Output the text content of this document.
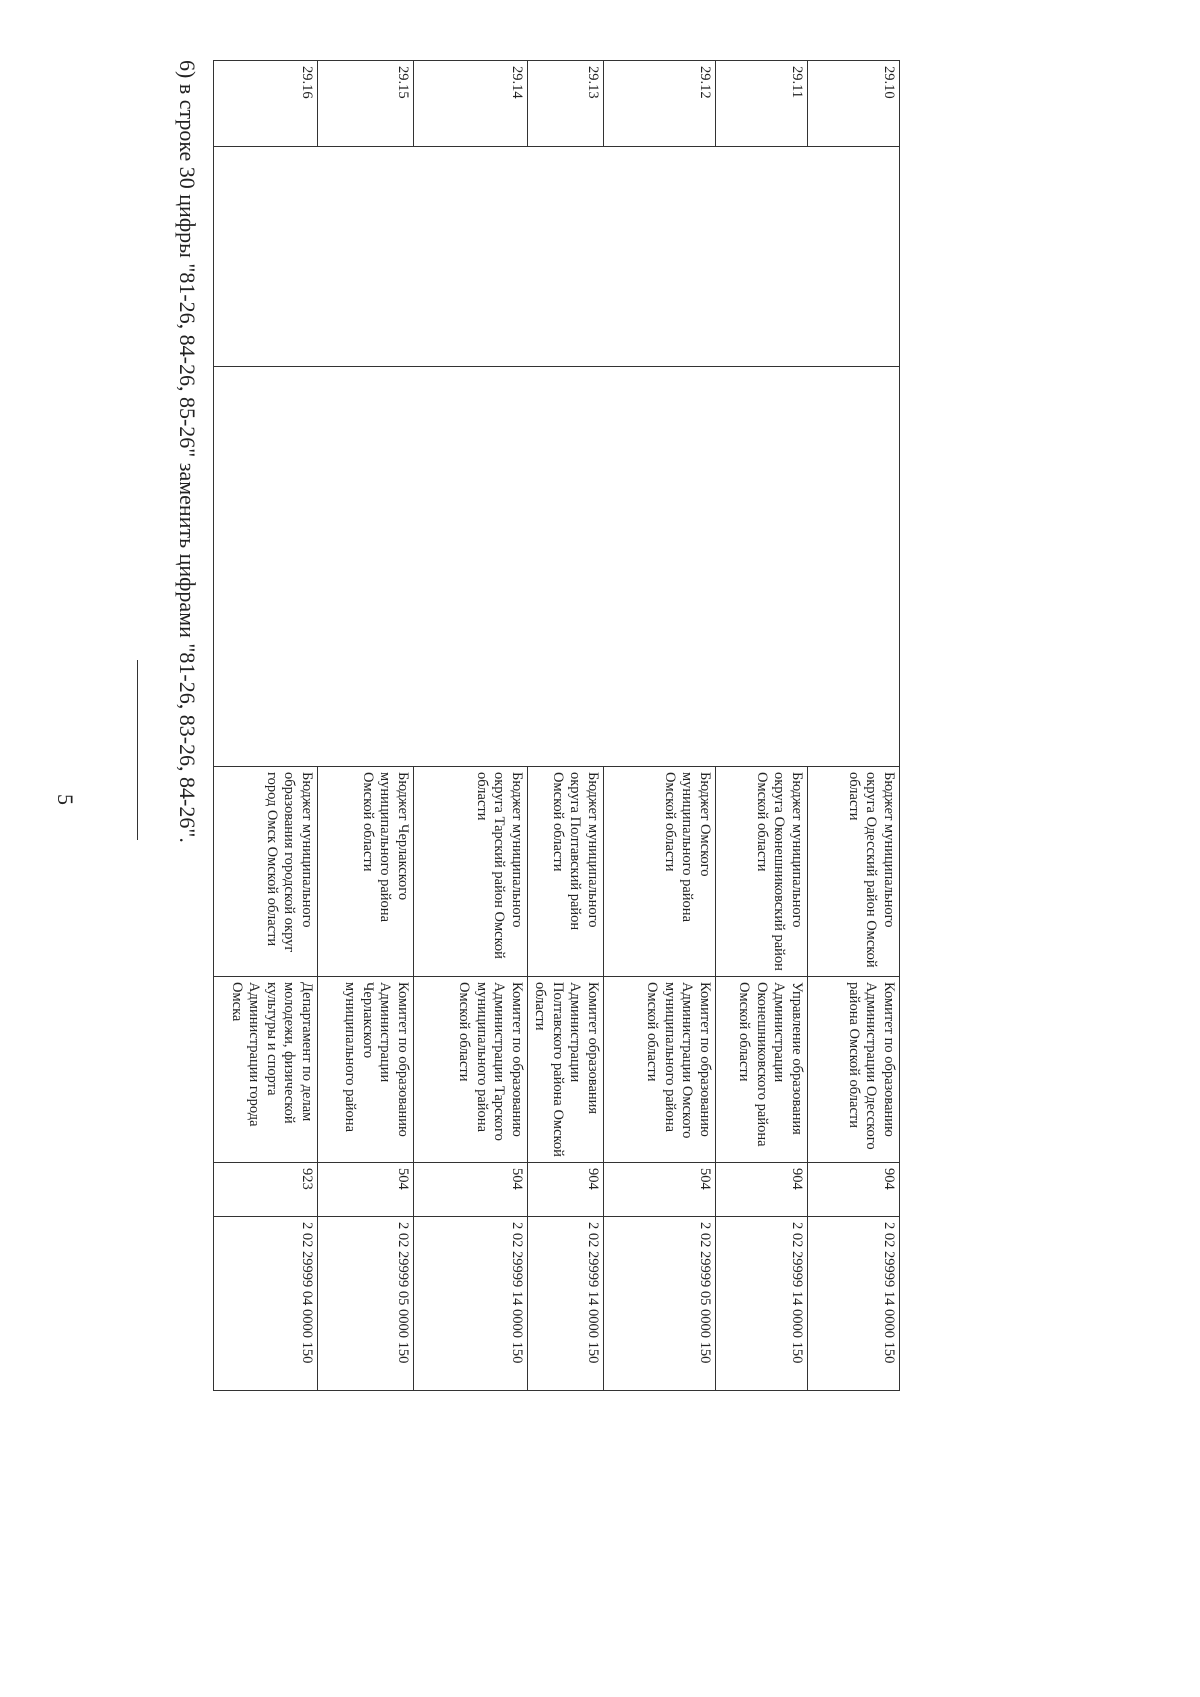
5
29.10			Бюджет муниципального округа Одесский район Омской области	Комитет по образованию Администрации Одесского района Омской области	904	2 02 29999 14 0000 150
29.11			Бюджет муниципального округа Оконешниковский район Омской области	Управление образования Администрации Оконешниковского района Омской области	904	2 02 29999 14 0000 150
29.12			Бюджет Омского муниципального района Омской области	Комитет по образованию Администрации Омского муниципального района Омской области	504	2 02 29999 05 0000 150
29.13			Бюджет муниципального округа Полтавский район Омской области	Комитет образования Администрации Полтавского района Омской области	904	2 02 29999 14 0000 150
29.14			Бюджет муниципального округа Тарский район Омской области	Комитет по образованию Администрации Тарского муниципального района Омской области	504	2 02 29999 14 0000 150
29.15			Бюджет Черлакского муниципального района Омской области	Комитет по образованию Администрации Черлакского муниципального района	504	2 02 29999 05 0000 150
29.16			Бюджет муниципального образования городской округ город Омск Омской области	Департамент по делам молодежи, физической культуры и спорта Администрации города Омска	923	2 02 29999 04 0000 150
6) в строке 30 цифры "81-26, 84-26, 85-26" заменить цифрами "81-26, 83-26, 84-26".
